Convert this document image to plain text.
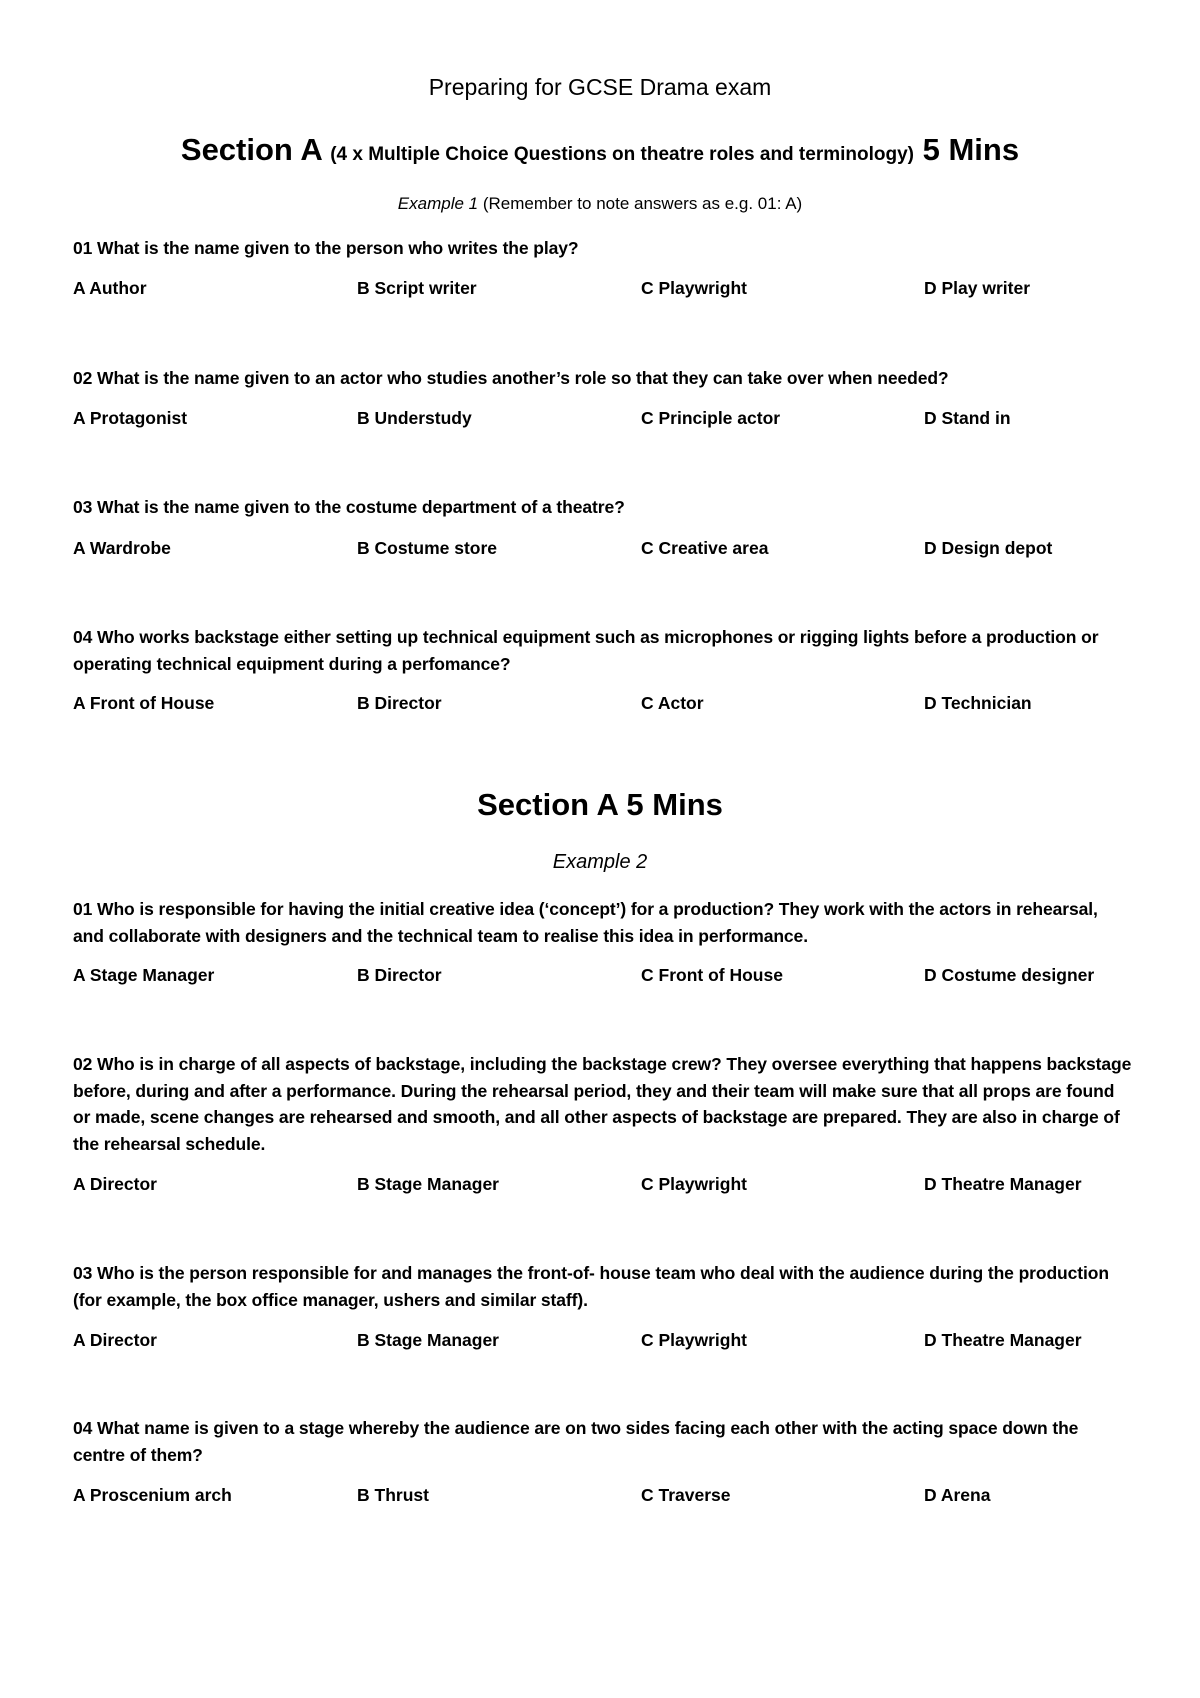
Preparing for GCSE Drama exam
Section A (4 x Multiple Choice Questions on theatre roles and terminology) 5 Mins
Example 1 (Remember to note answers as e.g. 01: A)
01 What is the name given to the person who writes the play?
A Author	B Script writer	C Playwright	D Play writer
02 What is the name given to an actor who studies another’s role so that they can take over when needed?
A Protagonist	B Understudy	C Principle actor	D Stand in
03 What is the name given to the costume department of a theatre?
A Wardrobe	B Costume store	C Creative area	D Design depot
04 Who works backstage either setting up technical equipment such as microphones or rigging lights before a production or operating technical equipment during a perfomance?
A Front of House	B Director	C Actor	D Technician
Section A 5 Mins
Example 2
01 Who is responsible for having the initial creative idea (‘concept’) for a production? They work with the actors in rehearsal, and collaborate with designers and the technical team to realise this idea in performance.
A Stage Manager	B Director	C Front of House	D Costume designer
02 Who is in charge of all aspects of backstage, including the backstage crew? They oversee everything that happens backstage before, during and after a performance. During the rehearsal period, they and their team will make sure that all props are found or made, scene changes are rehearsed and smooth, and all other aspects of backstage are prepared. They are also in charge of the rehearsal schedule.
A Director	B Stage Manager	C Playwright	D Theatre Manager
03 Who is the person responsible for and manages the front-of- house team who deal with the audience during the production (for example, the box office manager, ushers and similar staff).
A Director	B Stage Manager	C Playwright	D Theatre Manager
04 What name is given to a stage whereby the audience are on two sides facing each other with the acting space down the centre of them?
A Proscenium arch	B Thrust	C Traverse	D Arena
